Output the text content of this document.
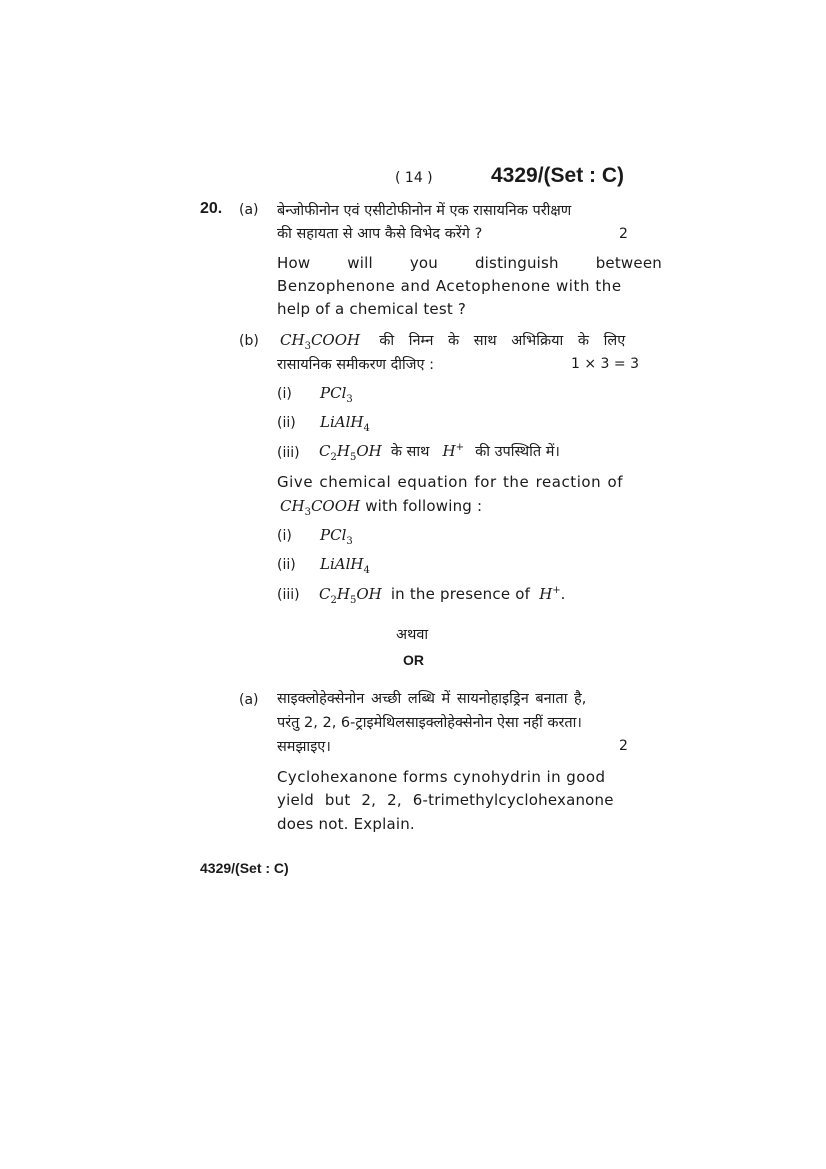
( 14 )	4329/(Set : C)
20. (a) बेन्जोफीनोन एवं एसीटोफीनोन में एक रासायनिक परीक्षण
की सहायता से आप कैसे विभेद करेंगे ?	2
How will you distinguish between
Benzophenone and Acetophenone with the
help of a chemical test ?
(b) $CH_3COOH$ की निम्न के साथ अभिक्रिया के लिए
रासायनिक समीकरण दीजिए :	1 × 3 = 3
(i) PCl$_3$
(ii) LiAlH$_4$
(iii) $C_2H_5OH$ के साथ H+ की उपस्थिति में।
Give chemical equation for the reaction of
$CH_3COOH$ with following :
(i) PCl$_3$
(ii) LiAlH$_4$
(iii) $C_2H_5OH$ in the presence of H+.
अथवा
OR
(a) साइक्लोहेक्सेनोन अच्छी लब्धि में सायनोहाइड्रिन बनाता है,
परंतु 2, 2, 6-ट्राइमेथिलसाइक्लोहेक्सेनोन ऐसा नहीं करता।
समझाइए।	2
Cyclohexanone forms cynohydrin in good
yield but 2, 2, 6-trimethylcyclohexanone
does not. Explain.
4329/(Set : C)
